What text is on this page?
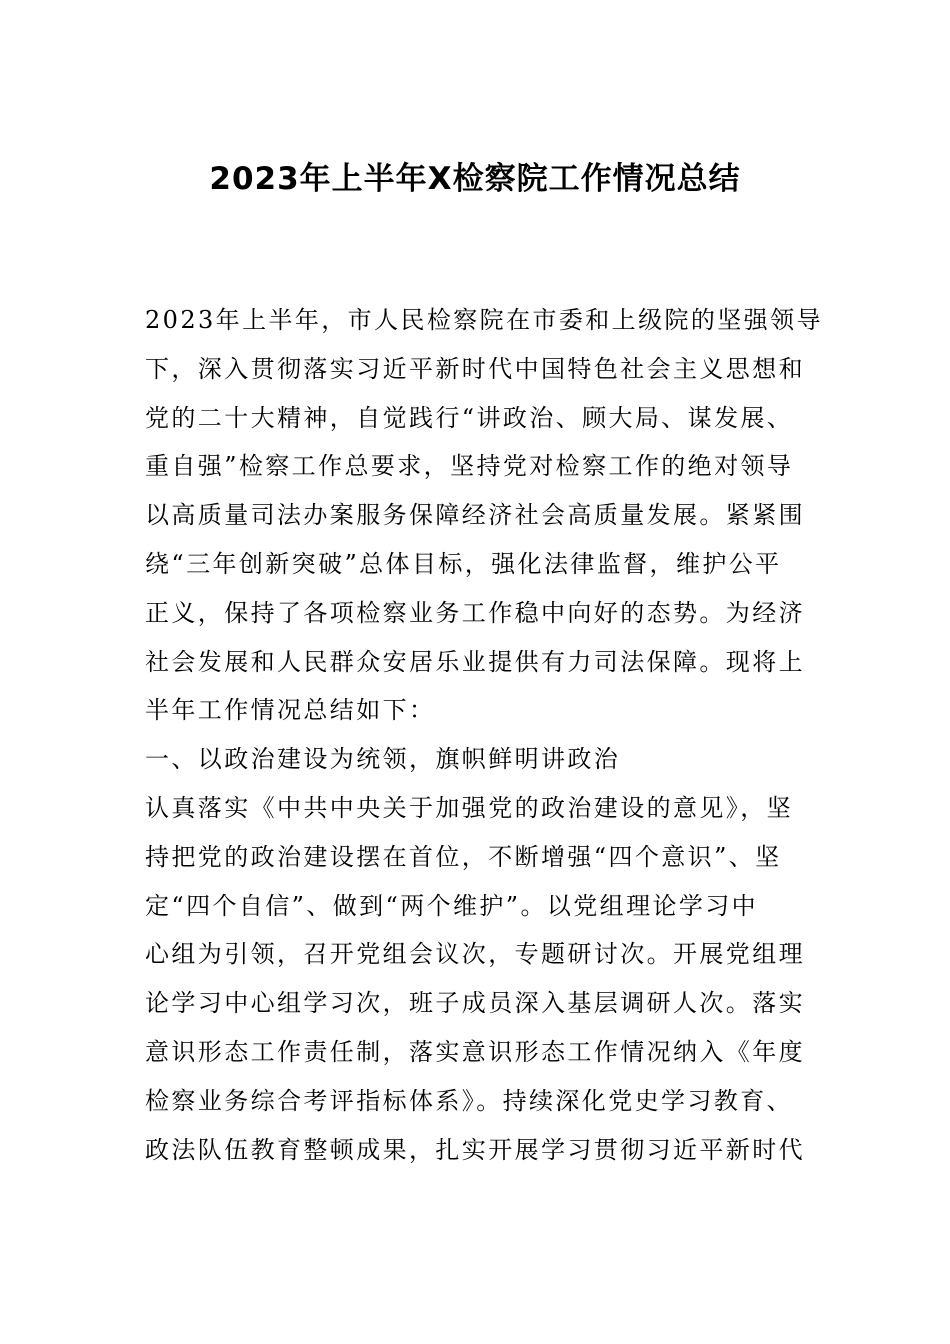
2023年上半年X检察院工作情况总结
2023年上半年，市人民检察院在市委和上级院的坚强领导
下，深入贯彻落实习近平新时代中国特色社会主义思想和
党的二十大精神，自觉践行“讲政治、顾大局、谋发展、
重自强”检察工作总要求，坚持党对检察工作的绝对领导
以高质量司法办案服务保障经济社会高质量发展。紧紧围
绕“三年创新突破”总体目标，强化法律监督，维护公平
正义，保持了各项检察业务工作稳中向好的态势。为经济
社会发展和人民群众安居乐业提供有力司法保障。现将上
半年工作情况总结如下：
一、以政治建设为统领，旗帜鲜明讲政治
认真落实《中共中央关于加强党的政治建设的意见》，坚
持把党的政治建设摆在首位，不断增强“四个意识”、坚
定“四个自信”、做到“两个维护”。以党组理论学习中
心组为引领，召开党组会议次，专题研讨次。开展党组理
论学习中心组学习次，班子成员深入基层调研人次。落实
意识形态工作责任制，落实意识形态工作情况纳入《年度
检察业务综合考评指标体系》。持续深化党史学习教育、
政法队伍教育整顿成果，扎实开展学习贯彻习近平新时代
